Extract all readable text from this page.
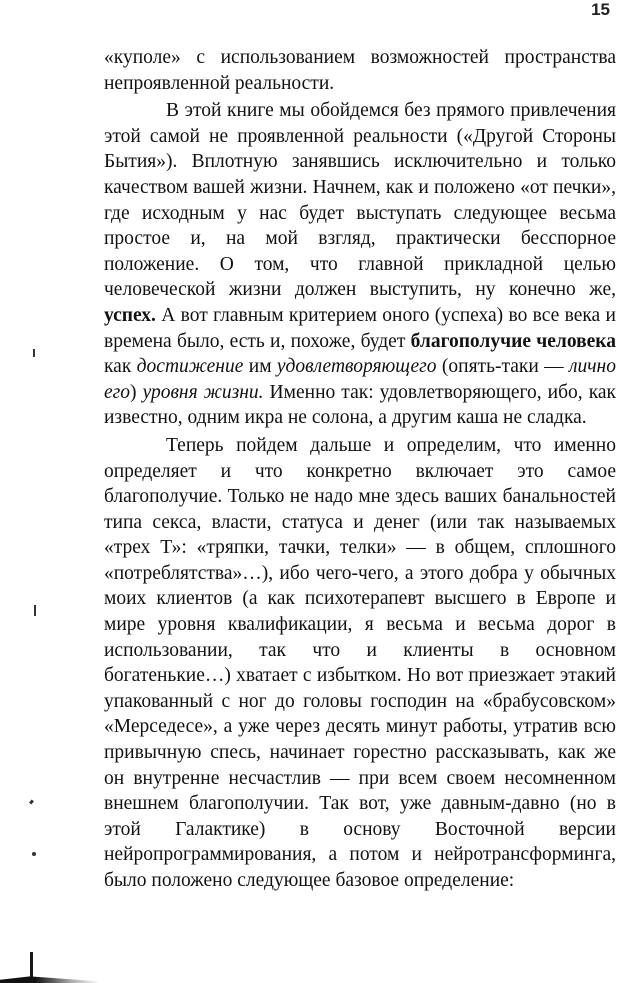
15

«куполе» с использованием возможностей пространства непроявленной реальности.

В этой книге мы обойдемся без прямого привлечения этой самой не проявленной реальности («Другой Стороны Бытия»). Вплотную занявшись исключительно и только качеством вашей жизни. Начнем, как и положено «от печки», где исходным у нас будет выступать следующее весьма простое и, на мой взгляд, практически бесспорное положение. О том, что главной прикладной целью человеческой жизни должен выступить, ну конечно же, успех. А вот главным критерием оного (успеха) во все века и времена было, есть и, похоже, будет благополучие человека как достижение им удовлетворяющего (опять-таки — лично его) уровня жизни. Именно так: удовлетворяющего, ибо, как известно, одним икра не солона, а другим каша не сладка.

Теперь пойдем дальше и определим, что именно определяет и что конкретно включает это самое благополучие. Только не надо мне здесь ваших банальностей типа секса, власти, статуса и денег (или так называемых «трех Т»: «тряпки, тачки, телки» — в общем, сплошного «потреблятства»…), ибо чего-чего, а этого добра у обычных моих клиентов (а как психотерапевт высшего в Европе и мире уровня квалификации, я весьма и весьма дорог в использовании, так что и клиенты в основном богатенькие…) хватает с избытком. Но вот приезжает этакий упакованный с ног до головы господин на «брабусовском» «Мерседесе», а уже через десять минут работы, утратив всю привычную спесь, начинает горестно рассказывать, как же он внутренне несчастлив — при всем своем несомненном внешнем благополучии. Так вот, уже давным-давно (но в этой Галактике) в основу Восточной версии нейропрограммирования, а потом и нейротрансформинга, было положено следующее базовое определение:
